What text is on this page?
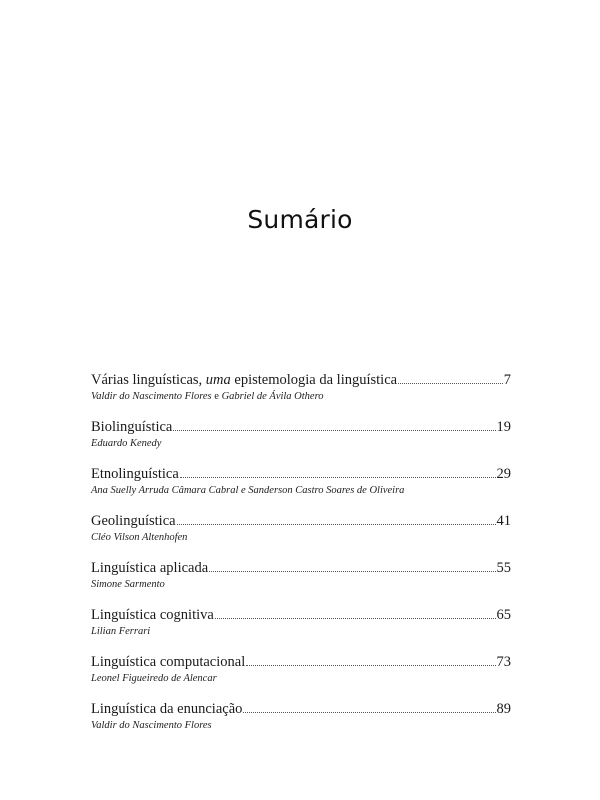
Sumário
Várias linguísticas, uma epistemologia da linguística	7
Valdir do Nascimento Flores e Gabriel de Ávila Othero
Biolinguística	19
Eduardo Kenedy
Etnolinguística	29
Ana Suelly Arruda Câmara Cabral e Sanderson Castro Soares de Oliveira
Geolinguística	41
Cléo Vilson Altenhofen
Linguística aplicada	55
Simone Sarmento
Linguística cognitiva	65
Lilian Ferrari
Linguística computacional	73
Leonel Figueiredo de Alencar
Linguística da enunciação	89
Valdir do Nascimento Flores
